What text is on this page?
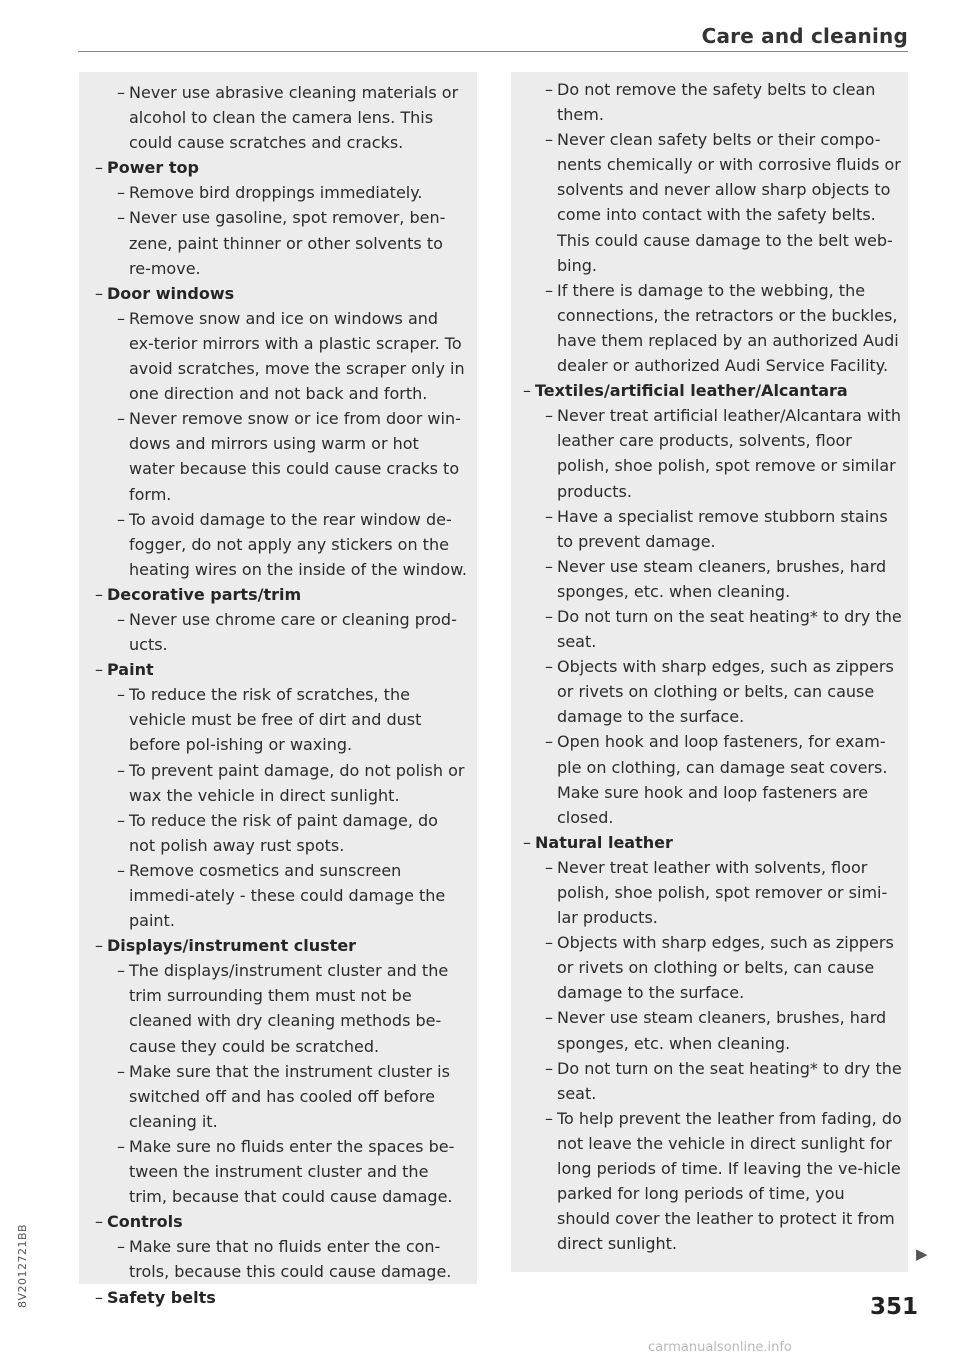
Care and cleaning
– Never use abrasive cleaning materials or alcohol to clean the camera lens. This could cause scratches and cracks.
– Power top
– Remove bird droppings immediately.
– Never use gasoline, spot remover, ben-zene, paint thinner or other solvents to re-move.
– Door windows
– Remove snow and ice on windows and ex-terior mirrors with a plastic scraper. To avoid scratches, move the scraper only in one direction and not back and forth.
– Never remove snow or ice from door win-dows and mirrors using warm or hot water because this could cause cracks to form.
– To avoid damage to the rear window de-fogger, do not apply any stickers on the heating wires on the inside of the window.
– Decorative parts/trim
– Never use chrome care or cleaning prod-ucts.
– Paint
– To reduce the risk of scratches, the vehicle must be free of dirt and dust before pol-ishing or waxing.
– To prevent paint damage, do not polish or wax the vehicle in direct sunlight.
– To reduce the risk of paint damage, do not polish away rust spots.
– Remove cosmetics and sunscreen immedi-ately - these could damage the paint.
– Displays/instrument cluster
– The displays/instrument cluster and the trim surrounding them must not be cleaned with dry cleaning methods be-cause they could be scratched.
– Make sure that the instrument cluster is switched off and has cooled off before cleaning it.
– Make sure no fluids enter the spaces be-tween the instrument cluster and the trim, because that could cause damage.
– Controls
– Make sure that no fluids enter the con-trols, because this could cause damage.
– Safety belts
– Do not remove the safety belts to clean them.
– Never clean safety belts or their compo-nents chemically or with corrosive fluids or solvents and never allow sharp objects to come into contact with the safety belts. This could cause damage to the belt web-bing.
– If there is damage to the webbing, the connections, the retractors or the buckles, have them replaced by an authorized Audi dealer or authorized Audi Service Facility.
– Textiles/artificial leather/Alcantara
– Never treat artificial leather/Alcantara with leather care products, solvents, floor polish, shoe polish, spot remove or similar products.
– Have a specialist remove stubborn stains to prevent damage.
– Never use steam cleaners, brushes, hard sponges, etc. when cleaning.
– Do not turn on the seat heating* to dry the seat.
– Objects with sharp edges, such as zippers or rivets on clothing or belts, can cause damage to the surface.
– Open hook and loop fasteners, for exam-ple on clothing, can damage seat covers. Make sure hook and loop fasteners are closed.
– Natural leather
– Never treat leather with solvents, floor polish, shoe polish, spot remover or simi-lar products.
– Objects with sharp edges, such as zippers or rivets on clothing or belts, can cause damage to the surface.
– Never use steam cleaners, brushes, hard sponges, etc. when cleaning.
– Do not turn on the seat heating* to dry the seat.
– To help prevent the leather from fading, do not leave the vehicle in direct sunlight for long periods of time. If leaving the ve-hicle parked for long periods of time, you should cover the leather to protect it from direct sunlight.
▶
351
8V2012721BB
carmanualsonline.info
